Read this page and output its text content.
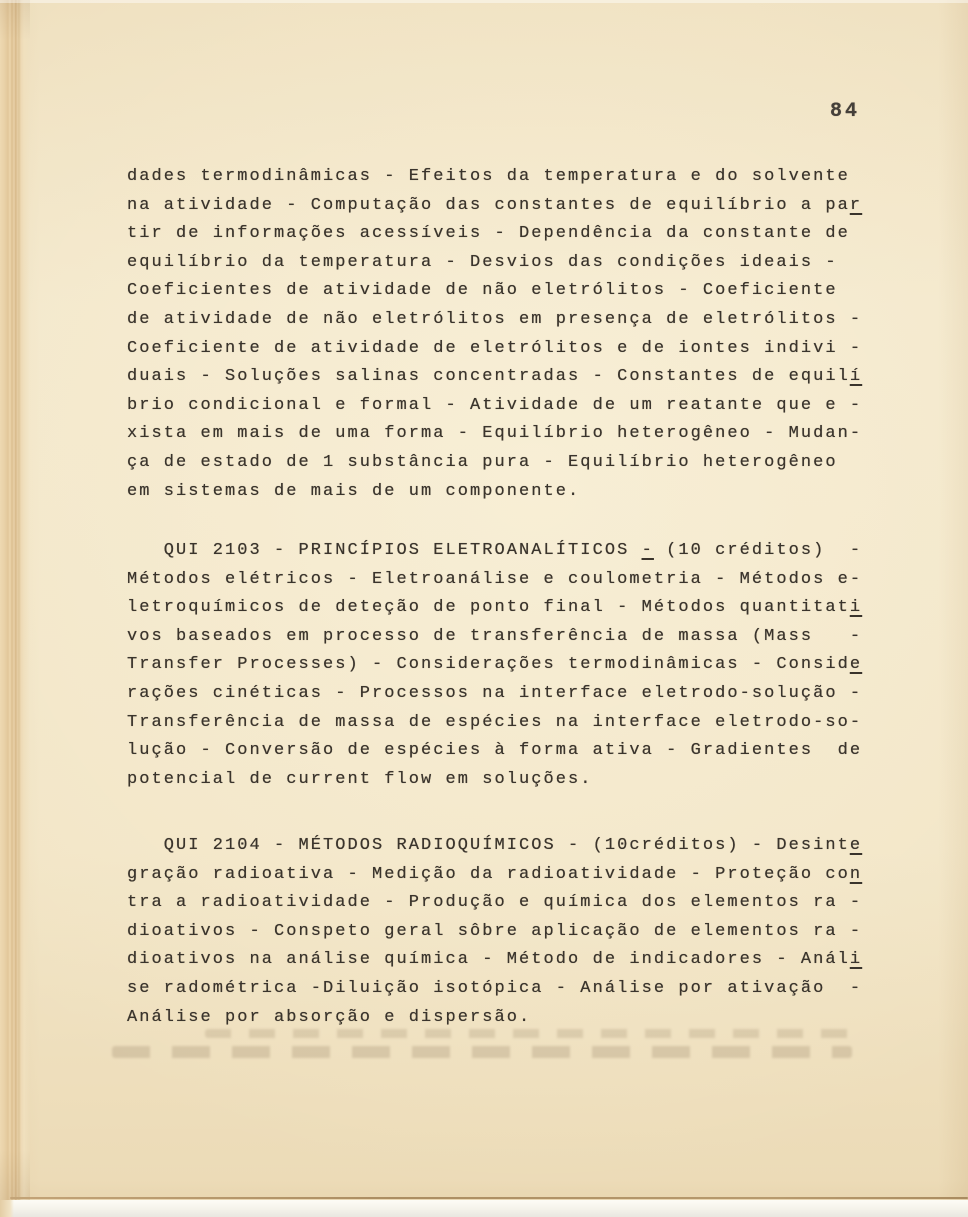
84
dades termodinâmicas - Efeitos da temperatura e do solvente
na atividade - Computação das constantes de equilíbrio a par
tir de informações acessíveis - Dependência da constante de
equilíbrio da temperatura - Desvios das condições ideais -
Coeficientes de atividade de não eletrólitos - Coeficiente
de atividade de não eletrólitos em presença de eletrólitos -
Coeficiente de atividade de eletrólitos e de iontes indivi -
duais - Soluções salinas concentradas - Constantes de equilí
brio condicional e formal - Atividade de um reatante que e -
xista em mais de uma forma - Equilíbrio heterogêneo - Mudan-
ça de estado de 1 substância pura - Equilíbrio heterogêneo
em sistemas de mais de um componente.
QUI 2103 - PRINCÍPIOS ELETROANALÍTICOS - (10 créditos)  -
Métodos elétricos - Eletroanálise e coulometria - Métodos e-
letroquímicos de deteção de ponto final - Métodos quantitati
vos baseados em processo de transferência de massa (Mass   -
Transfer Processes) - Considerações termodinâmicas - Conside
rações cinéticas - Processos na interface eletrodo-solução -
Transferência de massa de espécies na interface eletrodo-so-
lução - Conversão de espécies à forma ativa - Gradientes  de
potencial de current flow em soluções.
QUI 2104 - MÉTODOS RADIOQUÍMICOS - (10créditos) - Desinte
gração radioativa - Medição da radioatividade - Proteção con
tra a radioatividade - Produção e química dos elementos ra -
dioativos - Conspeto geral sôbre aplicação de elementos ra -
dioativos na análise química - Método de indicadores - Análi
se radométrica -Diluição isotópica - Análise por ativação  -
Análise por absorção e dispersão.
